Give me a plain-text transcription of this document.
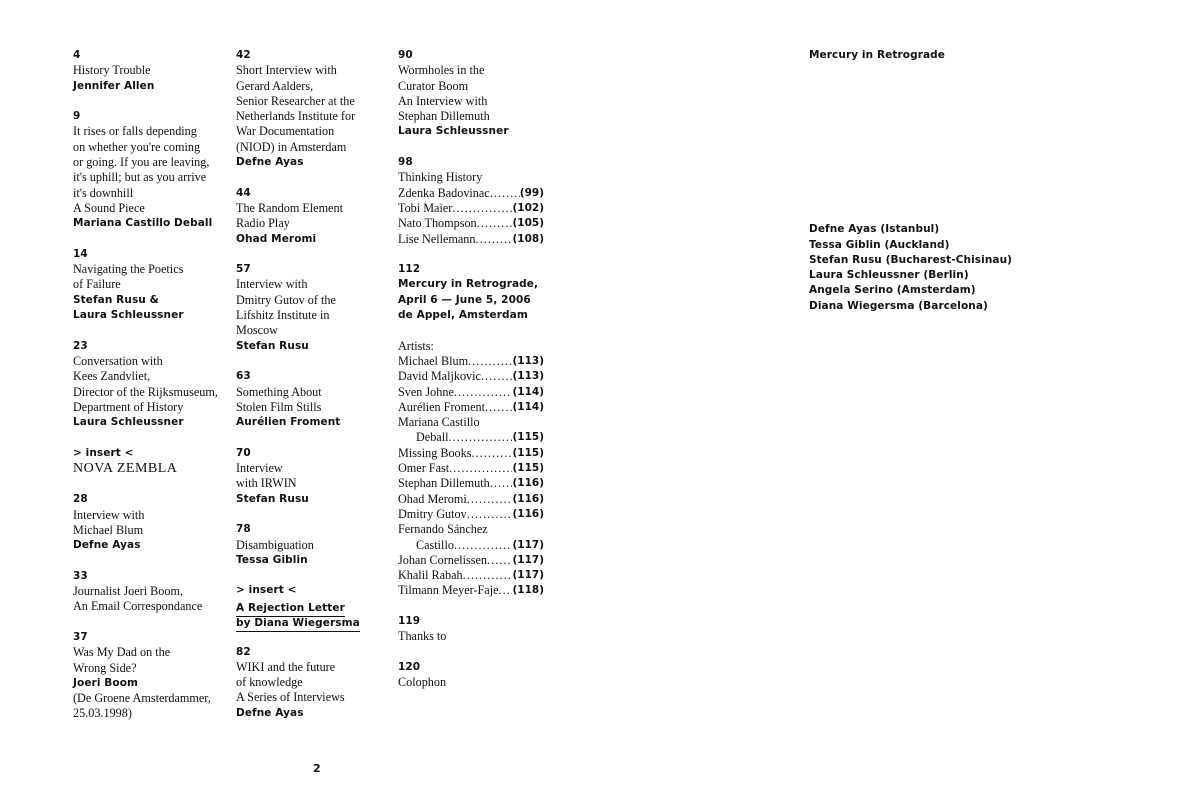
4
History Trouble
Jennifer Allen
9
It rises or falls depending
on whether you're coming
or going. If you are leaving,
it's uphill; but as you arrive
it's downhill
A Sound Piece
Mariana Castillo Deball
14
Navigating the Poetics
of Failure
Stefan Rusu &
Laura Schleussner
23
Conversation with
Kees Zandvliet,
Director of the Rijksmuseum,
Department of History
Laura Schleussner
> insert <
NOVA ZEMBLA
28
Interview with
Michael Blum
Defne Ayas
33
Journalist Joeri Boom,
An Email Correspondance
37
Was My Dad on the
Wrong Side?
Joeri Boom
(De Groene Amsterdammer,
25.03.1998)
42
Short Interview with
Gerard Aalders,
Senior Researcher at the
Netherlands Institute for
War Documentation
(NIOD) in Amsterdam
Defne Ayas
44
The Random Element
Radio Play
Ohad Meromi
57
Interview with
Dmitry Gutov of the
Lifshitz Institute in
Moscow
Stefan Rusu
63
Something About
Stolen Film Stills
Aurélien Froment
70
Interview
with IRWIN
Stefan Rusu
78
Disambiguation
Tessa Giblin
> insert <
A Rejection Letter
by Diana Wiegersma
82
WIKI and the future
of knowledge
A Series of Interviews
Defne Ayas
90
Wormholes in the
Curator Boom
An Interview with
Stephan Dillemuth
Laura Schleussner
98
Thinking History
Zdenka Badovinac . . .	(99)
Tobi Maier . . .	(102)
Nato Thompson . . .	(105)
Lise Nellemann . . .	(108)
112
Mercury in Retrograde,
April 6 — June 5, 2006
de Appel, Amsterdam
Artists:
Michael Blum . . .	(113)
David Maljkovic . . .	(113)
Sven Johne . . .	(114)
Aurélien Froment . . .	(114)
Mariana Castillo
Deball . . .	(115)
Missing Books . . .	(115)
Omer Fast . . .	(115)
Stephan Dillemuth . . . (116)
Ohad Meromi . . .	(116)
Dmitry Gutov . . .	(116)
Fernando Sánchez
Castillo . . .	(117)
Johan Cornelissen . . . (117)
Khalil Rabah . . .	(117)
Tilmann Meyer-Faje . . . (118)
119
Thanks to
120
Colophon
Mercury in Retrograde
Defne Ayas (Istanbul)
Tessa Giblin (Auckland)
Stefan Rusu (Bucharest-Chisinau)
Laura Schleussner (Berlin)
Angela Serino (Amsterdam)
Diana Wiegersma (Barcelona)
2
